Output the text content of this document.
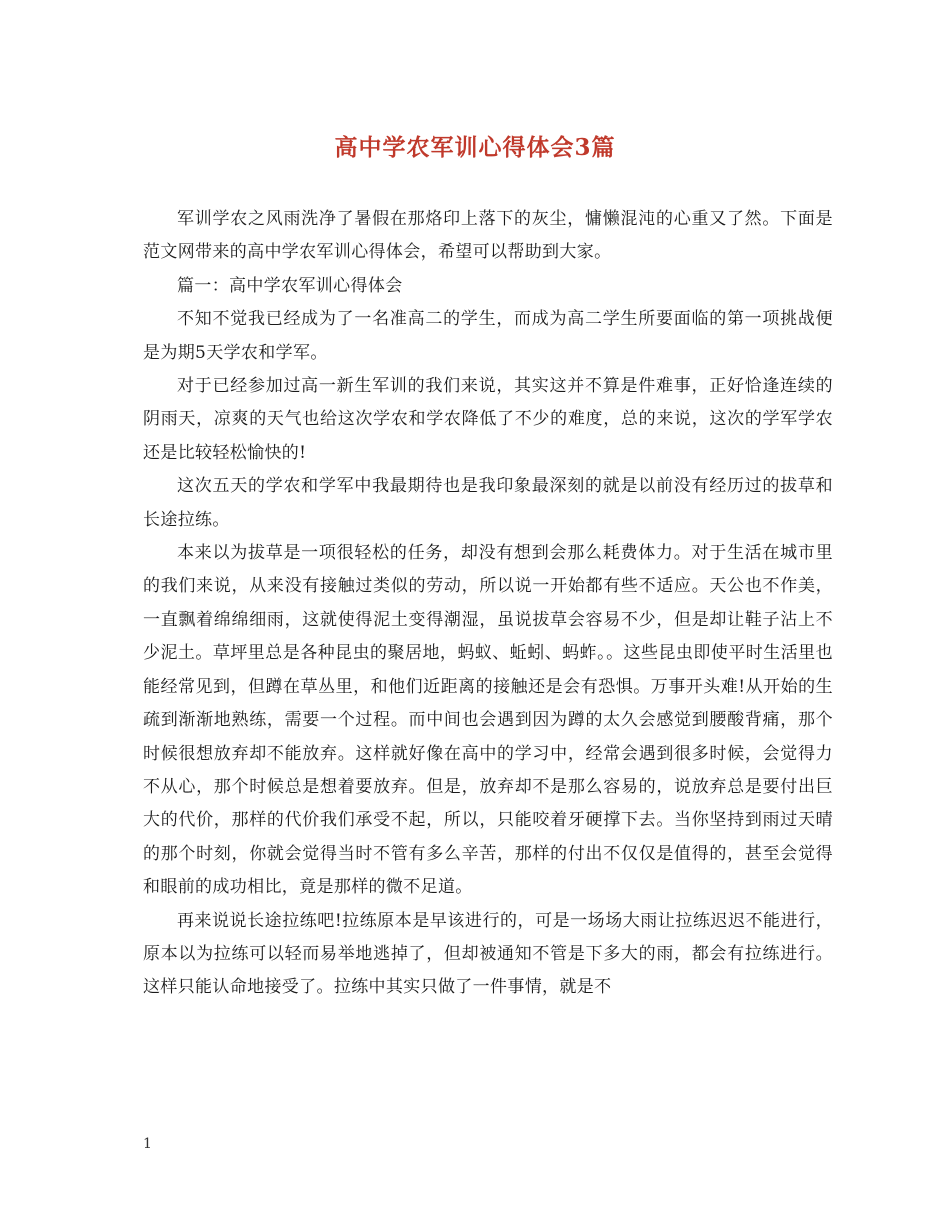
高中学农军训心得体会3篇

军训学农之风雨洗净了暑假在那烙印上落下的灰尘，慵懒混沌的心重又了然。下面是范文网带来的高中学农军训心得体会，希望可以帮助到大家。

篇一：高中学农军训心得体会

不知不觉我已经成为了一名准高二的学生，而成为高二学生所要面临的第一项挑战便是为期5天学农和学军。

对于已经参加过高一新生军训的我们来说，其实这并不算是件难事，正好恰逢连续的阴雨天，凉爽的天气也给这次学农和学农降低了不少的难度，总的来说，这次的学军学农还是比较轻松愉快的!

这次五天的学农和学军中我最期待也是我印象最深刻的就是以前没有经历过的拔草和长途拉练。

本来以为拔草是一项很轻松的任务，却没有想到会那么耗费体力。对于生活在城市里的我们来说，从来没有接触过类似的劳动，所以说一开始都有些不适应。天公也不作美，一直飘着绵绵细雨，这就使得泥土变得潮湿，虽说拔草会容易不少，但是却让鞋子沾上不少泥土。草坪里总是各种昆虫的聚居地，蚂蚁、蚯蚓、蚂蚱。。这些昆虫即使平时生活里也能经常见到，但蹲在草丛里，和他们近距离的接触还是会有恐惧。万事开头难!从开始的生疏到渐渐地熟练，需要一个过程。而中间也会遇到因为蹲的太久会感觉到腰酸背痛，那个时候很想放弃却不能放弃。这样就好像在高中的学习中，经常会遇到很多时候，会觉得力不从心，那个时候总是想着要放弃。但是，放弃却不是那么容易的，说放弃总是要付出巨大的代价，那样的代价我们承受不起，所以，只能咬着牙硬撑下去。当你坚持到雨过天晴的那个时刻，你就会觉得当时不管有多么辛苦，那样的付出不仅仅是值得的，甚至会觉得和眼前的成功相比，竟是那样的微不足道。

再来说说长途拉练吧!拉练原本是早该进行的，可是一场场大雨让拉练迟迟不能进行，原本以为拉练可以轻而易举地逃掉了，但却被通知不管是下多大的雨，都会有拉练进行。这样只能认命地接受了。拉练中其实只做了一件事情，就是不

1
